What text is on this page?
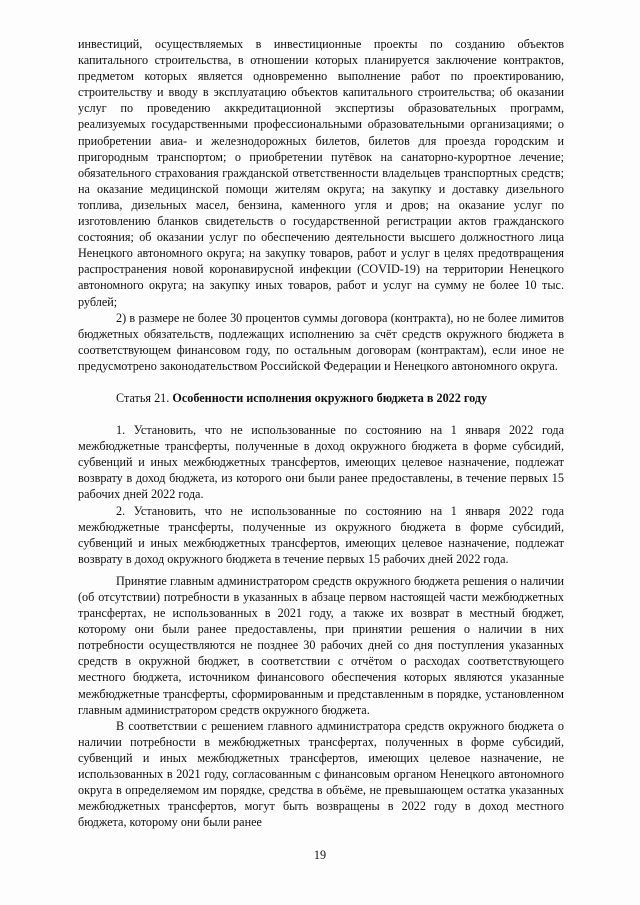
инвестиций, осуществляемых в инвестиционные проекты по созданию объектов капитального строительства, в отношении которых планируется заключение контрактов, предметом которых является одновременно выполнение работ по проектированию, строительству и вводу в эксплуатацию объектов капитального строительства; об оказании услуг по проведению аккредитационной экспертизы образовательных программ, реализуемых государственными профессиональными образовательными организациями; о приобретении авиа- и железнодорожных билетов, билетов для проезда городским и пригородным транспортом; о приобретении путёвок на санаторно-курортное лечение; обязательного страхования гражданской ответственности владельцев транспортных средств; на оказание медицинской помощи жителям округа; на закупку и доставку дизельного топлива, дизельных масел, бензина, каменного угля и дров; на оказание услуг по изготовлению бланков свидетельств о государственной регистрации актов гражданского состояния; об оказании услуг по обеспечению деятельности высшего должностного лица Ненецкого автономного округа; на закупку товаров, работ и услуг в целях предотвращения распространения новой коронавирусной инфекции (COVID-19) на территории Ненецкого автономного округа; на закупку иных товаров, работ и услуг на сумму не более 10 тыс. рублей;

2) в размере не более 30 процентов суммы договора (контракта), но не более лимитов бюджетных обязательств, подлежащих исполнению за счёт средств окружного бюджета в соответствующем финансовом году, по остальным договорам (контрактам), если иное не предусмотрено законодательством Российской Федерации и Ненецкого автономного округа.

Статья 21. Особенности исполнения окружного бюджета в 2022 году

1. Установить, что не использованные по состоянию на 1 января 2022 года межбюджетные трансферты, полученные в доход окружного бюджета в форме субсидий, субвенций и иных межбюджетных трансфертов, имеющих целевое назначение, подлежат возврату в доход бюджета, из которого они были ранее предоставлены, в течение первых 15 рабочих дней 2022 года.

2. Установить, что не использованные по состоянию на 1 января 2022 года межбюджетные трансферты, полученные из окружного бюджета в форме субсидий, субвенций и иных межбюджетных трансфертов, имеющих целевое назначение, подлежат возврату в доход окружного бюджета в течение первых 15 рабочих дней 2022 года.

Принятие главным администратором средств окружного бюджета решения о наличии (об отсутствии) потребности в указанных в абзаце первом настоящей части межбюджетных трансфертах, не использованных в 2021 году, а также их возврат в местный бюджет, которому они были ранее предоставлены, при принятии решения о наличии в них потребности осуществляются не позднее 30 рабочих дней со дня поступления указанных средств в окружной бюджет, в соответствии с отчётом о расходах соответствующего местного бюджета, источником финансового обеспечения которых являются указанные межбюджетные трансферты, сформированным и представленным в порядке, установленном главным администратором средств окружного бюджета.

В соответствии с решением главного администратора средств окружного бюджета о наличии потребности в межбюджетных трансфертах, полученных в форме субсидий, субвенций и иных межбюджетных трансфертов, имеющих целевое назначение, не использованных в 2021 году, согласованным с финансовым органом Ненецкого автономного округа в определяемом им порядке, средства в объёме, не превышающем остатка указанных межбюджетных трансфертов, могут быть возвращены в 2022 году в доход местного бюджета, которому они были ранее

19
